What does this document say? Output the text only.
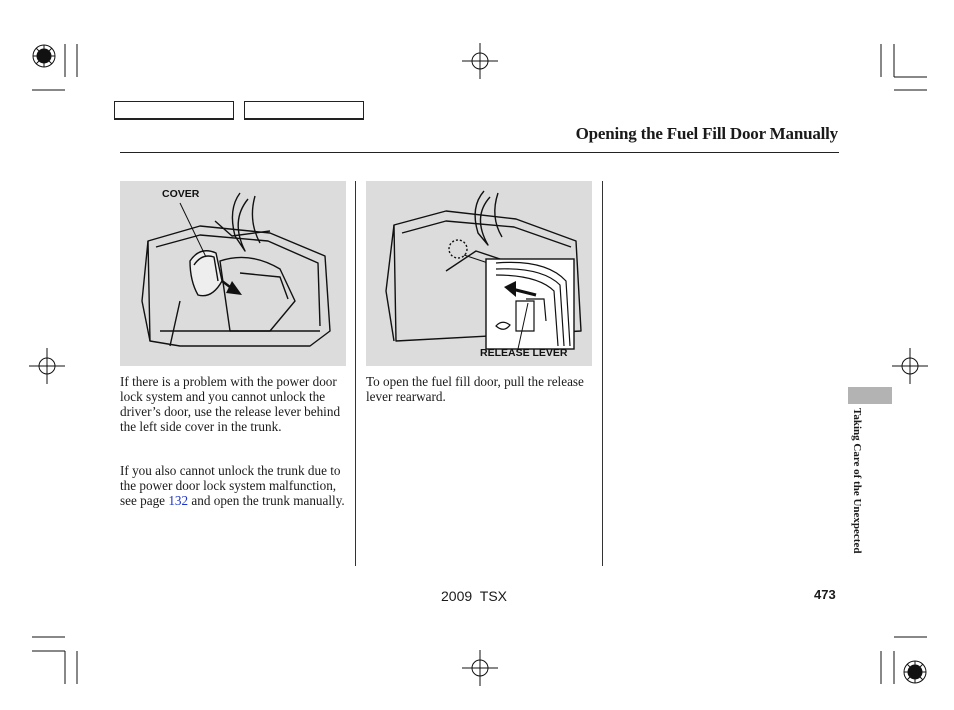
Opening the Fuel Fill Door Manually
COVER
RELEASE LEVER

If there is a problem with the power door lock system and you cannot unlock the driver’s door, use the release lever behind the left side cover in the trunk.

If you also cannot unlock the trunk due to the power door lock system malfunction, see page 132 and open the trunk manually.

To open the fuel fill door, pull the release lever rearward.

Taking Care of the Unexpected
2009 TSX	473
